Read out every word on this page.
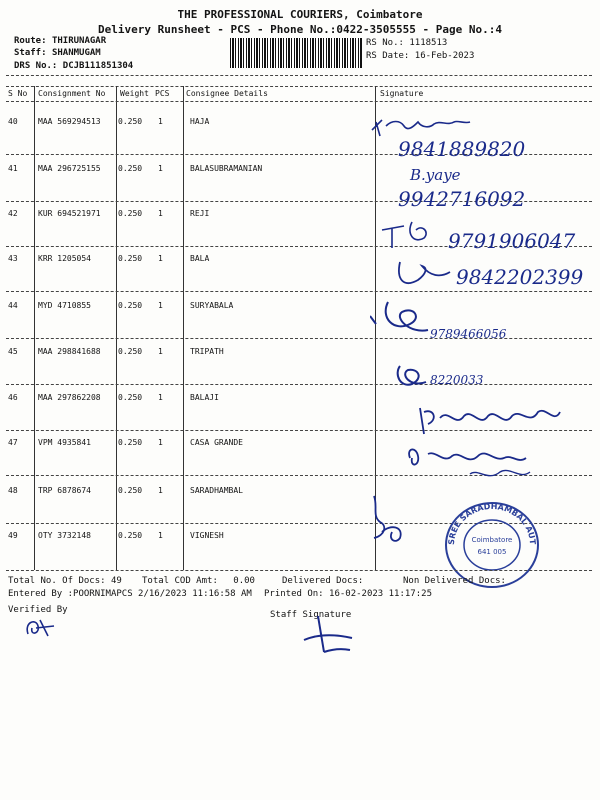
THE PROFESSIONAL COURIERS, Coimbatore
Delivery Runsheet - PCS - Phone No.:0422-3505555 - Page No.:4
Route: THIRUNAGAR
Staff: SHANMUGAM
DRS No.: DCJB111851304
RS No.: 1118513
RS Date: 16-Feb-2023
S No Consignment No Weight PCS Consignee Details	Signature
40	MAA 569294513 0.250 1	HAJA
41	MAA 296725155 0.250 1	BALASUBRAMANIAN
42	KUR 694521971 0.250 1	REJI
43	KRR 1205054	0.250 1	BALA
44	MYD 4710855	0.250 1	SURYABALA
45	MAA 298841688 0.250 1	TRIPATH
46	MAA 297862208 0.250 1	BALAJI
47	VPM 4935841	0.250 1	CASA GRANDE
48	TRP 6878674	0.250 1	SARADHAMBAL
49	OTY 3732148	0.250 1	VIGNESH
9841889820
B.yaye
9942716092
9791906047
9842202399
9789466056
8220033
SREE SARADHAMBAL AUT
Coimbatore
641 005
Total No. Of Docs: 49 Total COD Amt: 0.00	Delivered Docs:	Non Delivered Docs:
Entered By :POORNIMAPCS 2/16/2023 11:16:58 AM Printed On: 16-02-2023 11:17:25
Verified By	Staff Signature
